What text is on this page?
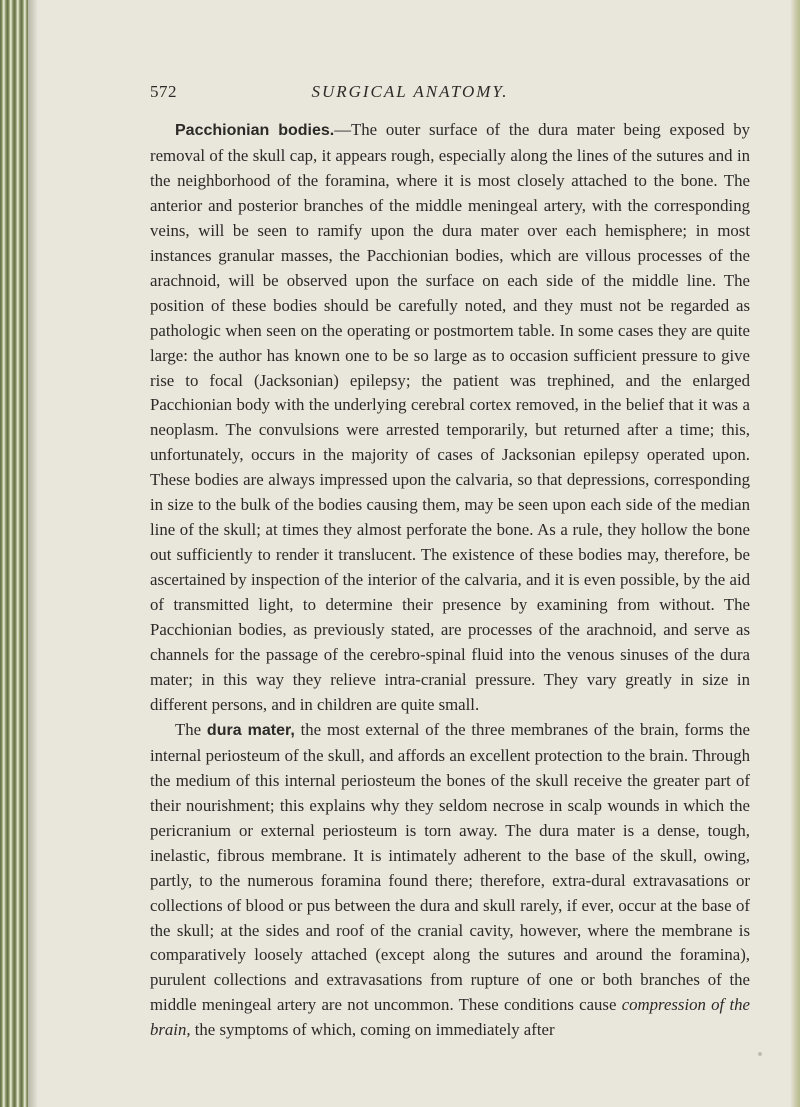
572	SURGICAL ANATOMY.

Pacchionian bodies.—The outer surface of the dura mater being exposed by removal of the skull cap, it appears rough, especially along the lines of the sutures and in the neighborhood of the foramina, where it is most closely attached to the bone. The anterior and posterior branches of the middle meningeal artery, with the corresponding veins, will be seen to ramify upon the dura mater over each hemisphere; in most instances granular masses, the Pacchionian bodies, which are villous processes of the arachnoid, will be observed upon the surface on each side of the middle line. The position of these bodies should be carefully noted, and they must not be regarded as pathologic when seen on the operating or postmortem table. In some cases they are quite large: the author has known one to be so large as to occasion sufficient pressure to give rise to focal (Jacksonian) epilepsy; the patient was trephined, and the enlarged Pacchionian body with the underlying cerebral cortex removed, in the belief that it was a neoplasm. The convulsions were arrested temporarily, but returned after a time; this, unfortunately, occurs in the majority of cases of Jacksonian epilepsy operated upon. These bodies are always impressed upon the calvaria, so that depressions, corresponding in size to the bulk of the bodies causing them, may be seen upon each side of the median line of the skull; at times they almost perforate the bone. As a rule, they hollow the bone out sufficiently to render it translucent. The existence of these bodies may, therefore, be ascertained by inspection of the interior of the calvaria, and it is even possible, by the aid of transmitted light, to determine their presence by examining from without. The Pacchionian bodies, as previously stated, are processes of the arachnoid, and serve as channels for the passage of the cerebro-spinal fluid into the venous sinuses of the dura mater; in this way they relieve intra-cranial pressure. They vary greatly in size in different persons, and in children are quite small.

The dura mater, the most external of the three membranes of the brain, forms the internal periosteum of the skull, and affords an excellent protection to the brain. Through the medium of this internal periosteum the bones of the skull receive the greater part of their nourishment; this explains why they seldom necrose in scalp wounds in which the pericranium or external periosteum is torn away. The dura mater is a dense, tough, inelastic, fibrous membrane. It is intimately adherent to the base of the skull, owing, partly, to the numerous foramina found there; therefore, extra-dural extravasations or collections of blood or pus between the dura and skull rarely, if ever, occur at the base of the skull; at the sides and roof of the cranial cavity, however, where the membrane is comparatively loosely attached (except along the sutures and around the foramina), purulent collections and extravasations from rupture of one or both branches of the middle meningeal artery are not uncommon. These conditions cause compression of the brain, the symptoms of which, coming on immediately after
